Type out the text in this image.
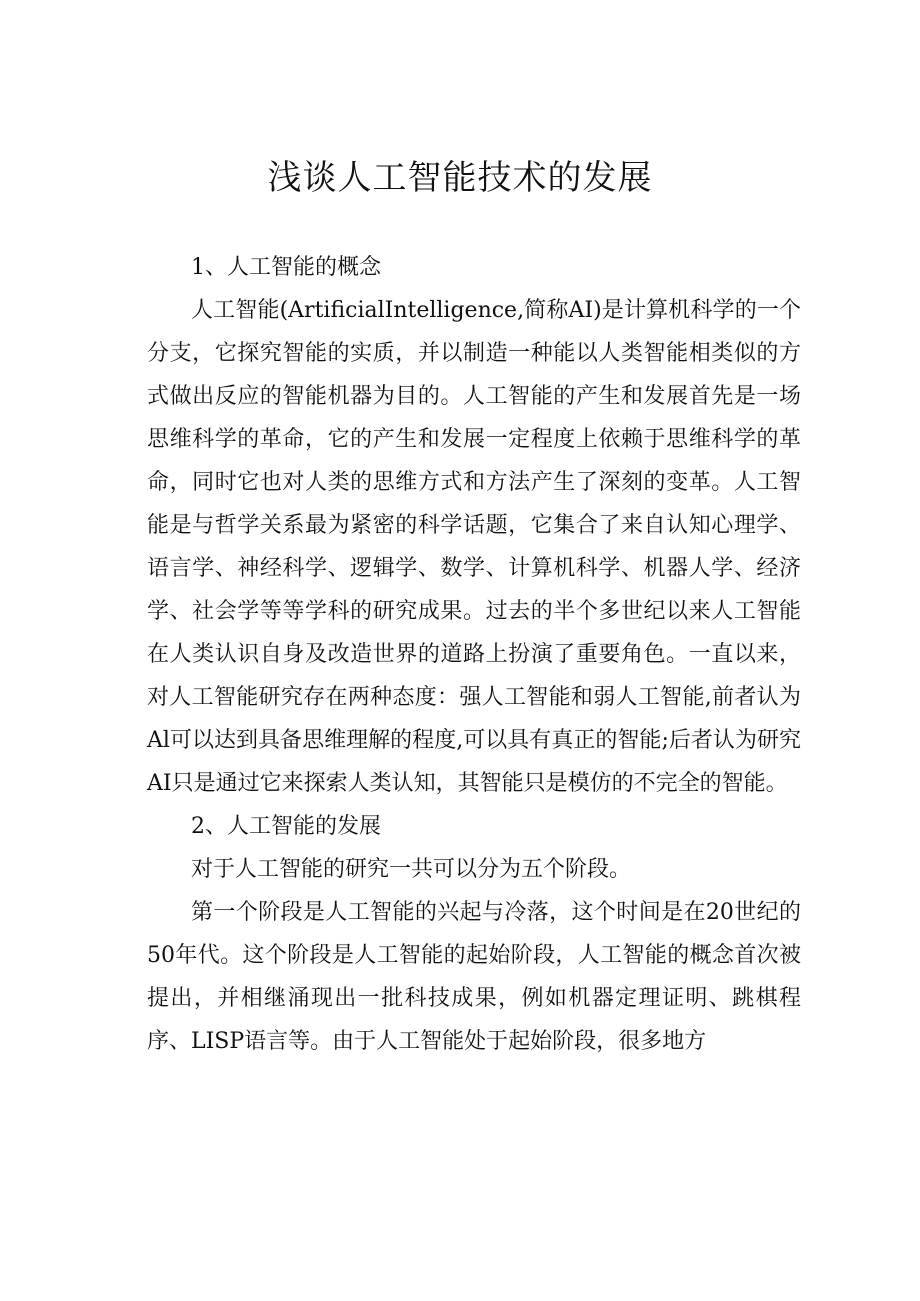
浅谈人工智能技术的发展

1、人工智能的概念

人工智能(ArtificialIntelligence,简称AI)是计算机科学的一个分支，它探究智能的实质，并以制造一种能以人类智能相类似的方式做出反应的智能机器为目的。人工智能的产生和发展首先是一场思维科学的革命，它的产生和发展一定程度上依赖于思维科学的革命，同时它也对人类的思维方式和方法产生了深刻的变革。人工智能是与哲学关系最为紧密的科学话题，它集合了来自认知心理学、语言学、神经科学、逻辑学、数学、计算机科学、机器人学、经济学、社会学等等学科的研究成果。过去的半个多世纪以来人工智能在人类认识自身及改造世界的道路上扮演了重要角色。一直以来，对人工智能研究存在两种态度：强人工智能和弱人工智能,前者认为Al可以达到具备思维理解的程度,可以具有真正的智能;后者认为研究AI只是通过它来探索人类认知，其智能只是模仿的不完全的智能。

2、人工智能的发展

对于人工智能的研究一共可以分为五个阶段。

第一个阶段是人工智能的兴起与冷落，这个时间是在20世纪的50年代。这个阶段是人工智能的起始阶段，人工智能的概念首次被提出，并相继涌现出一批科技成果，例如机器定理证明、跳棋程序、LISP语言等。由于人工智能处于起始阶段，很多地方
